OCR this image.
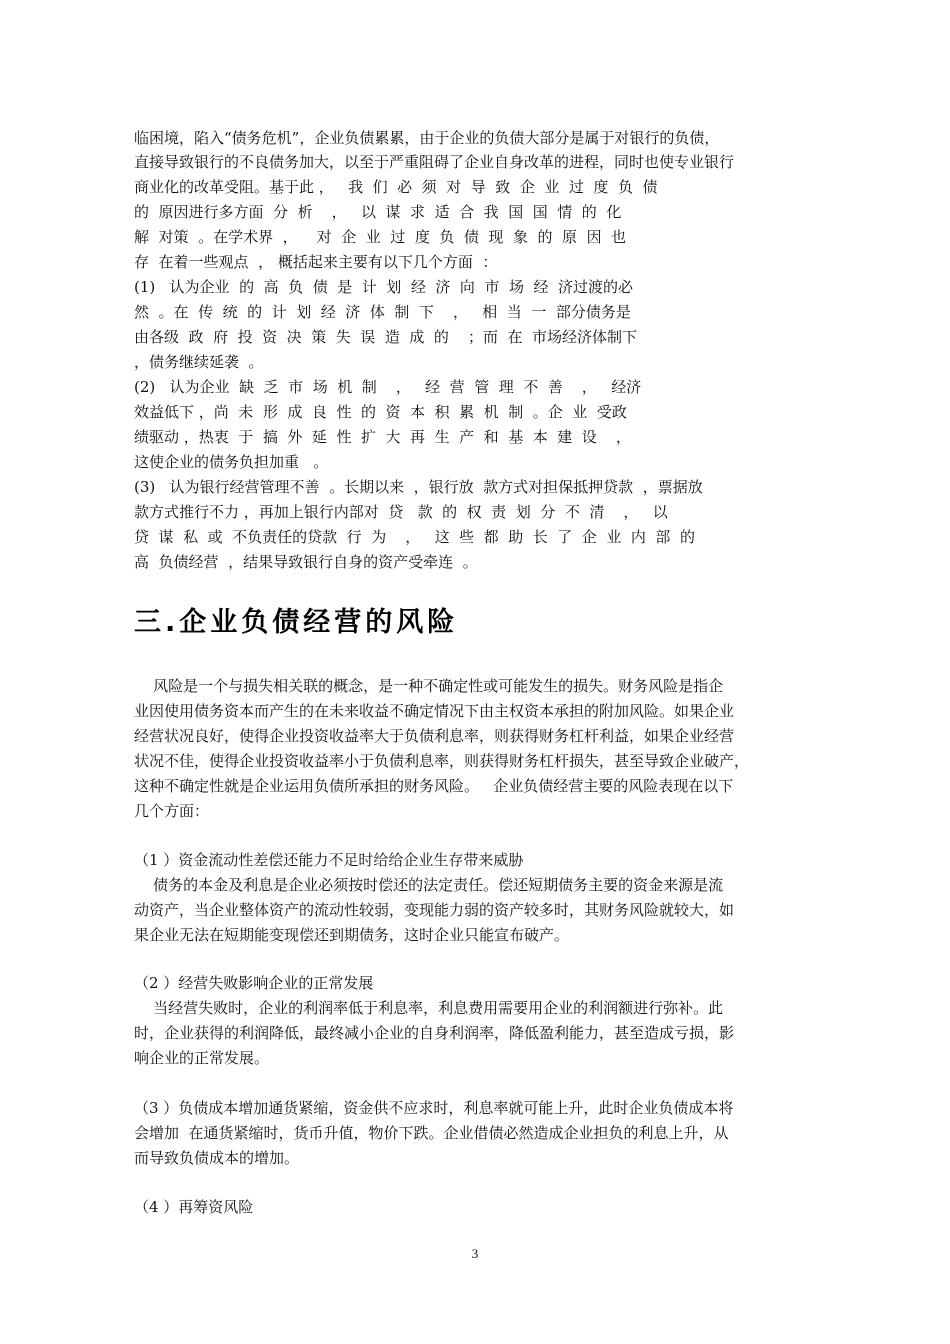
临困境，陷入“债务危机”，企业负债累累，由于企业的负债大部分是属于对银行的负债，
直接导致银行的不良债务加大，以至于严重阻碍了企业自身改革的进程，同时也使专业银行
商业化的改革受阻。基于此 ，   我  们  必  须  对  导  致  企  业  过  度  负  债
的  原因进行多方面  分  析    ，   以  谋  求  适  合  我  国  国  情  的  化
解  对策  。在学术界  ，    对  企  业  过  度  负  债  现  象  的  原  因  也
存  在着一些观点  ， 概括起来主要有以下几个方面  ：
(1)   认为企业  的  高  负  债  是  计  划  经  济  向  市  场  经  济过渡的必
然  。在  传  统  的  计  划  经  济  体  制  下    ，   相  当  一  部分债务是
由各级  政  府  投  资  决  策  失  误  造  成  的    ；而  在  市场经济体制下
，债务继续延袭  。
(2)   认为企业  缺  乏  市  场  机  制    ，   经  营  管  理  不  善    ，   经济
效益低下 ，尚  未  形  成  良  性  的  资  本  积  累  机  制  。企  业  受政
绩驱动 ，热衷  于  搞  外  延  性  扩  大  再  生  产  和  基  本  建  设    ，
这使企业的债务负担加重   。
(3)   认为银行经营管理不善  。长期以来  ，银行放  款方式对担保抵押贷款  ，票据放
款方式推行不力 ，再加上银行内部对  贷   款  的  权  责  划  分  不  清    ，   以
贷  谋  私  或  不负责任的贷款  行  为    ，   这  些  都  助  长  了  企  业  内  部  的
高  负债经营  ，结果导致银行自身的资产受牵连  。
三.企业负债经营的风险
风险是一个与损失相关联的概念，是一种不确定性或可能发生的损失。财务风险是指企
业因使用债务资本而产生的在未来收益不确定情况下由主权资本承担的附加风险。如果企业
经营状况良好，使得企业投资收益率大于负债利息率，则获得财务杠杆利益，如果企业经营
状况不佳，使得企业投资收益率小于负债利息率，则获得财务杠杆损失，甚至导致企业破产，
这种不确定性就是企业运用负债所承担的财务风险。   企业负债经营主要的风险表现在以下
几个方面：
（1 ）资金流动性差偿还能力不足时给给企业生存带来威胁
债务的本金及利息是企业必须按时偿还的法定责任。偿还短期债务主要的资金来源是流
动资产，当企业整体资产的流动性较弱，变现能力弱的资产较多时，其财务风险就较大，如
果企业无法在短期能变现偿还到期债务，这时企业只能宣布破产。
（2 ）经营失败影响企业的正常发展
当经营失败时，企业的利润率低于利息率，利息费用需要用企业的利润额进行弥补。此
时，企业获得的利润降低，最终减小企业的自身利润率，降低盈利能力，甚至造成亏损，影
响企业的正常发展。
（3 ）负债成本增加通货紧缩，资金供不应求时，利息率就可能上升，此时企业负债成本将
会增加  在通货紧缩时，货币升值，物价下跌。企业借债必然造成企业担负的利息上升，从
而导致负债成本的增加。
（4 ）再筹资风险
3
